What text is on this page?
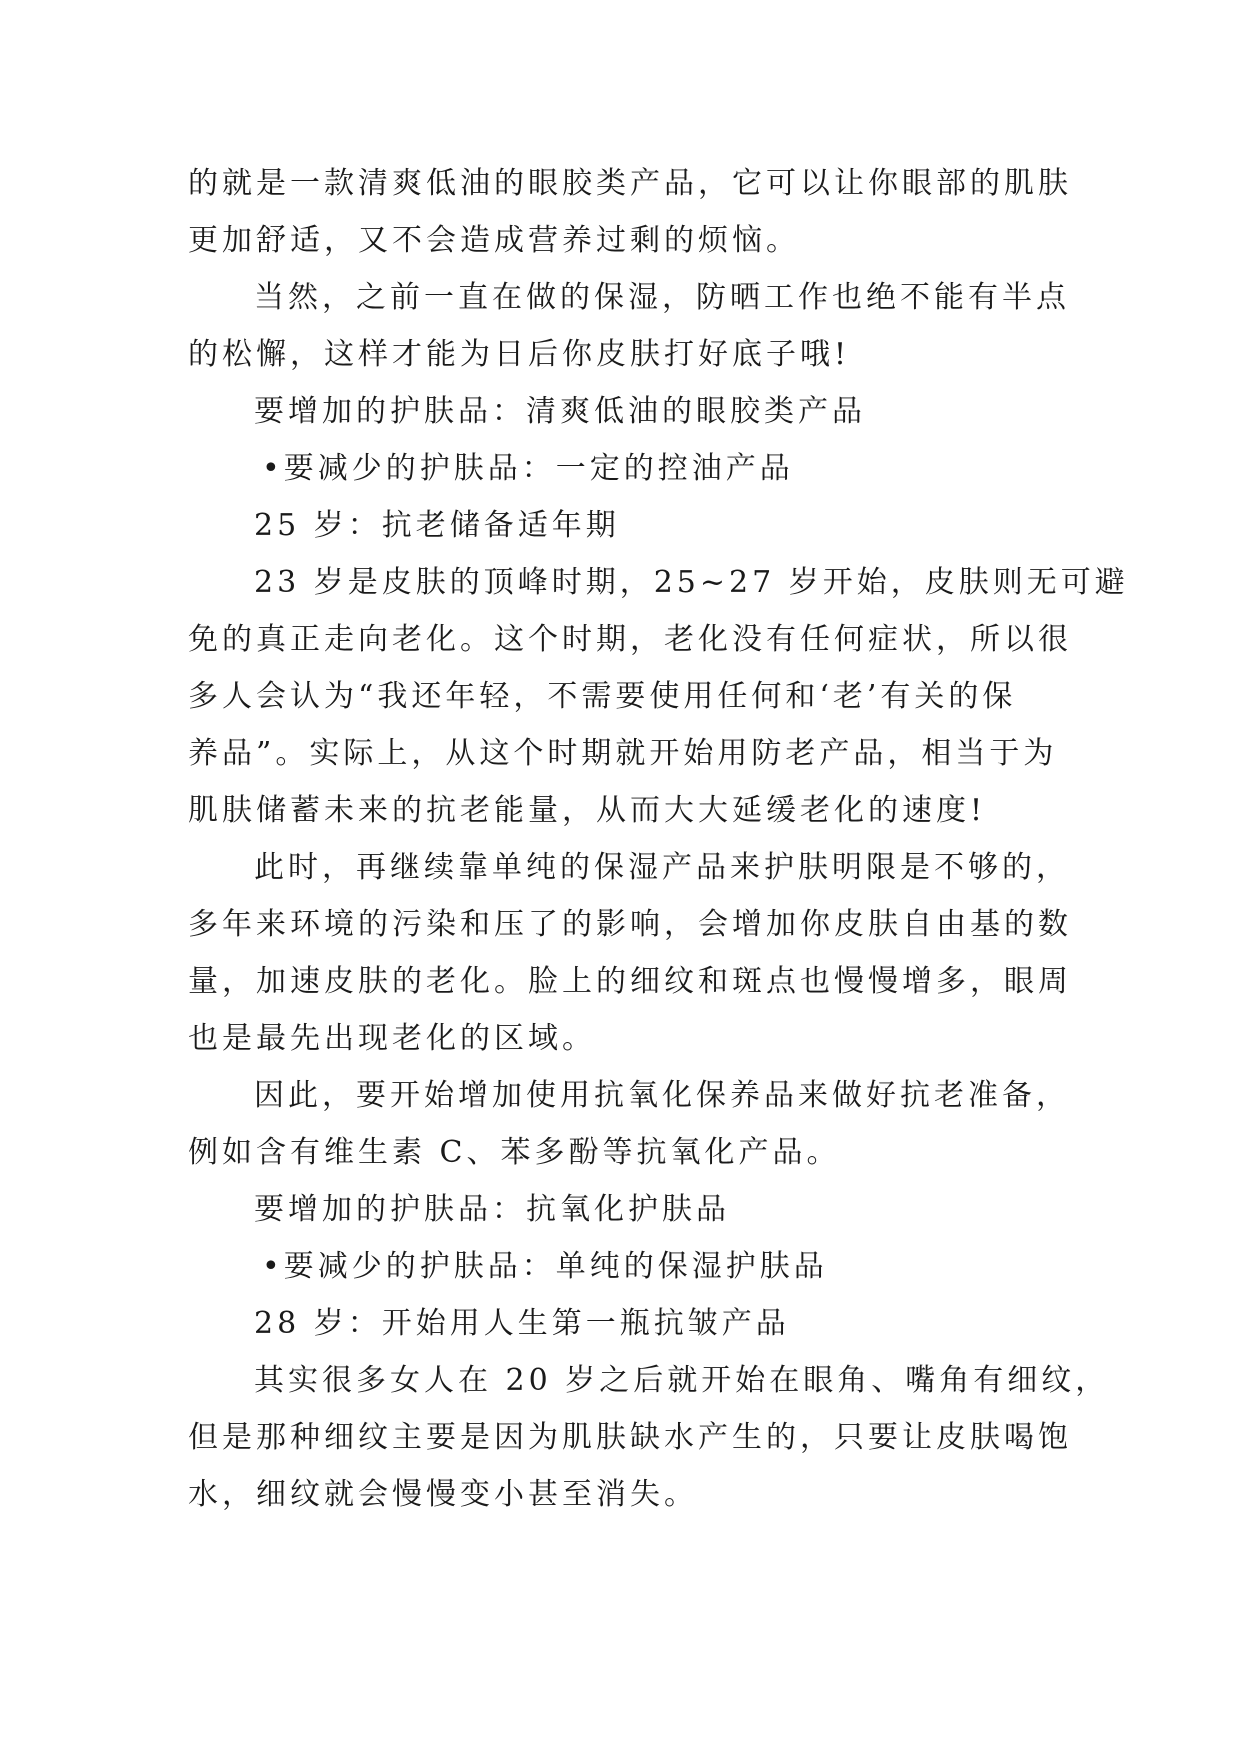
的就是一款清爽低油的眼胶类产品，它可以让你眼部的肌肤
更加舒适，又不会造成营养过剩的烦恼。
当然，之前一直在做的保湿，防晒工作也绝不能有半点
的松懈，这样才能为日后你皮肤打好底子哦!
要增加的护肤品：清爽低油的眼胶类产品
•要减少的护肤品：一定的控油产品
25 岁：抗老储备适年期
23 岁是皮肤的顶峰时期，25~27 岁开始，皮肤则无可避
免的真正走向老化。这个时期，老化没有任何症状，所以很
多人会认为“我还年轻，不需要使用任何和‘老’有关的保
养品”。实际上，从这个时期就开始用防老产品，相当于为
肌肤储蓄未来的抗老能量，从而大大延缓老化的速度!
此时，再继续靠单纯的保湿产品来护肤明限是不够的，
多年来环境的污染和压了的影响，会增加你皮肤自由基的数
量，加速皮肤的老化。脸上的细纹和斑点也慢慢增多，眼周
也是最先出现老化的区域。
因此，要开始增加使用抗氧化保养品来做好抗老准备，
例如含有维生素 C、苯多酚等抗氧化产品。
要增加的护肤品：抗氧化护肤品
•要减少的护肤品：单纯的保湿护肤品
28 岁：开始用人生第一瓶抗皱产品
其实很多女人在 20 岁之后就开始在眼角、嘴角有细纹，
但是那种细纹主要是因为肌肤缺水产生的，只要让皮肤喝饱
水，细纹就会慢慢变小甚至消失。
